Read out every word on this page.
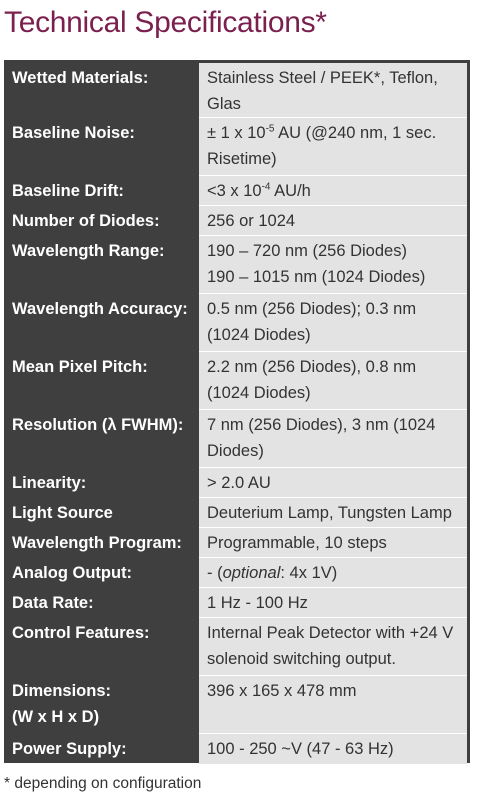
Technical Specifications*
Wetted Materials:	Stainless Steel / PEEK*, Teflon, Glas
Baseline Noise:	± 1 x $10^{-5}$ AU (@240 nm, 1 sec.
Risetime)
Baseline Drift:	<3 x $10^{-4}$ AU/h
Number of Diodes:	256 or 1024
Wavelength Range:	190 – 720 nm (256 Diodes)
190 – 1015 nm (1024 Diodes)
Wavelength Accuracy:	0.5 nm (256 Diodes); 0.3 nm
(1024 Diodes)
Mean Pixel Pitch:	2.2 nm (256 Diodes), 0.8 nm
(1024 Diodes)
Resolution (λ FWHM):	7 nm (256 Diodes), 3 nm (1024
Diodes)
Linearity:	> 2.0 AU
Light Source	Deuterium Lamp, Tungsten Lamp
Wavelength Program:	Programmable, 10 steps
Analog Output:	- (optional: 4x 1V)
Data Rate:	1 Hz - 100 Hz
Control Features:	Internal Peak Detector with +24 V
solenoid switching output.
Dimensions:
(W x H x D)	396 x 165 x 478 mm
Power Supply:	100 - 250 ~V (47 - 63 Hz)
* depending on configuration
